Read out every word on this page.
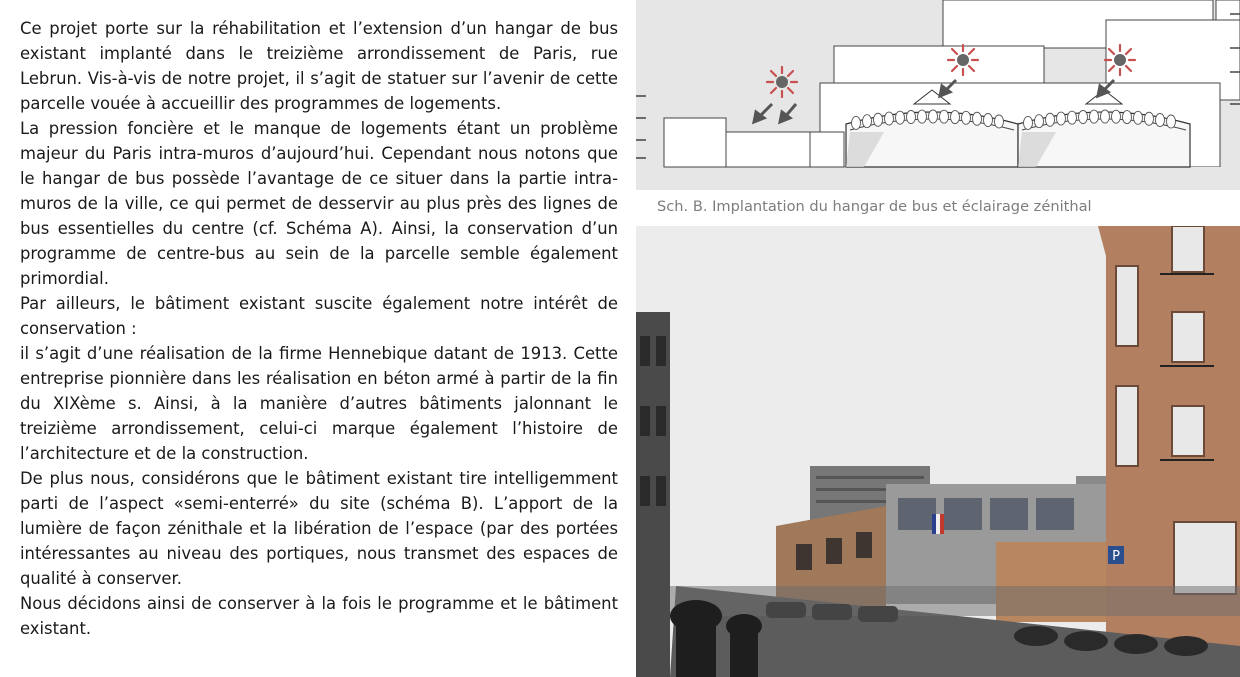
Ce projet porte sur la réhabilitation et l’extension d’un hangar de bus existant implanté dans le treizième arrondissement de Paris, rue Lebrun. Vis-à-vis de notre projet, il s’agit de statuer sur l’avenir de cette parcelle vouée à accueillir des programmes de logements.

La pression foncière et le manque de logements étant un problème majeur du Paris intra-muros d’aujourd’hui. Cependant nous notons que le hangar de bus possède l’avantage de ce situer dans la partie intra-muros de la ville, ce qui permet de desservir au plus près des lignes de bus essentielles du centre (cf. Schéma A). Ainsi, la conservation d’un programme de centre-bus au sein de la parcelle semble également primordial.

Par ailleurs, le bâtiment existant suscite également notre intérêt de conservation :

il s’agit d’une réalisation de la firme Hennebique datant de 1913. Cette entreprise pionnière dans les réalisation en béton armé à partir de la fin du XIXème s. Ainsi, à la manière d’autres bâtiments jalonnant le treizième arrondissement, celui-ci marque également l’histoire de l’architecture et de la construction.

De plus nous, considérons que le bâtiment existant tire intelligemment parti de l’aspect «semi-enterré» du site (schéma B). L’apport de la lumière de façon zénithale et la libération de l’espace (par des portées intéressantes au niveau des portiques, nous transmet des espaces de qualité à conserver.

Nous décidons ainsi de conserver à la fois le programme et le bâtiment existant.

Sch. B. Implantation du hangar de bus et éclairage zénithal
P
